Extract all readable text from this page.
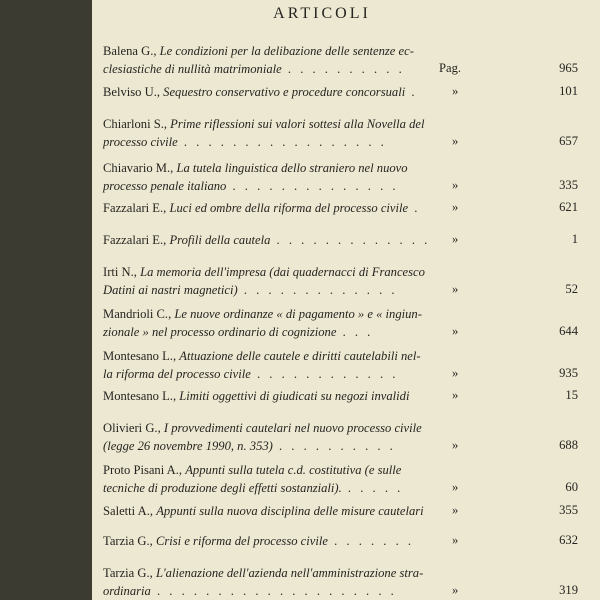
ARTICOLI
Balena G., Le condizioni per la delibazione delle sentenze ec-
clesiastiche di nullità matrimoniale . . . . . . . . . .	Pag.	965
Belviso U., Sequestro conservativo e procedure concorsuali .	»	101
Chiarloni S., Prime riflessioni sui valori sottesi alla Novella del
processo civile . . . . . . . . . . . . . . . . .	»	657
Chiavario M., La tutela linguistica dello straniero nel nuovo
processo penale italiano . . . . . . . . . . . . . .	»	335
Fazzalari E., Luci ed ombre della riforma del processo civile .	»	621
Fazzalari E., Profili della cautela . . . . . . . . . . . . .	»	1
Irti N., La memoria dell'impresa (dai quadernacci di Francesco
Datini ai nastri magnetici) . . . . . . . . . . . . .	»	52
Mandrioli C., Le nuove ordinanze « di pagamento » e « ingiun-
zionale » nel processo ordinario di cognizione . . .	»	644
Montesano L., Attuazione delle cautele e diritti cautelabili nel-
la riforma del processo civile . . . . . . . . . . . .	»	935
Montesano L., Limiti oggettivi di giudicati su negozi invalidi	»	15
Olivieri G., I provvedimenti cautelari nel nuovo processo civile
(legge 26 novembre 1990, n. 353) . . . . . . . . . .	»	688
Proto Pisani A., Appunti sulla tutela c.d. costitutiva (e sulle
tecniche di produzione degli effetti sostanziali). . . . . .	»	60
Saletti A., Appunti sulla nuova disciplina delle misure cautelari	»	355
Tarzia G., Crisi e riforma del processo civile . . . . . . .	»	632
Tarzia G., L'alienazione dell'azienda nell'amministrazione stra-
ordinaria . . . . . . . . . . . . . . . . . . . .	»	319
